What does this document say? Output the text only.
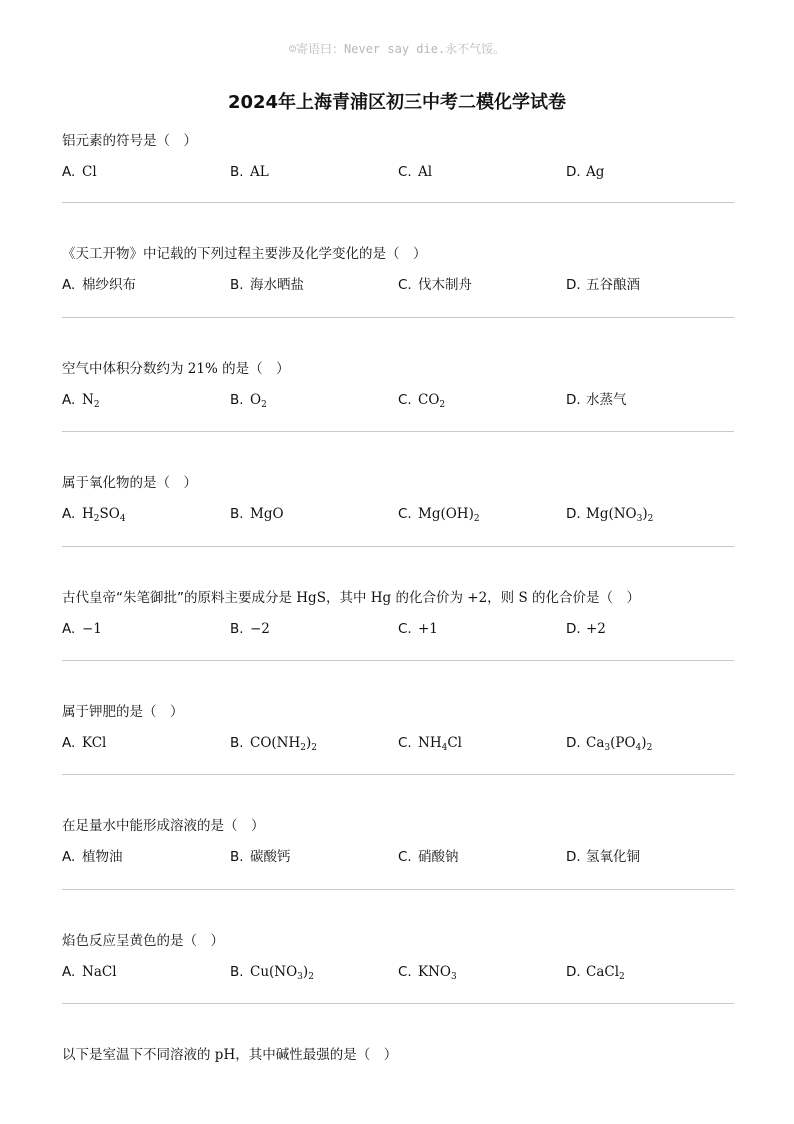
☺寄语曰：Never say die.永不气馁。
2024年上海青浦区初三中考二模化学试卷
铝元素的符号是（　）
A. Cl	B. AL	C. Al	D. Ag
《天工开物》中记载的下列过程主要涉及化学变化的是（　）
A. 棉纱织布	B. 海水晒盐	C. 伐木制舟	D. 五谷酿酒
空气中体积分数约为 21% 的是（　）
A. $N_2$	B. $O_2$	C. $CO_2$	D. 水蒸气
属于氧化物的是（　）
A. $H_2SO_4$	B. MgO	C. $Mg(OH)_2$	D. $Mg(NO_3)_2$
古代皇帝“朱笔御批”的原料主要成分是 HgS，其中 Hg 的化合价为 +2，则 S 的化合价是（　）
A. −1	B. −2	C. +1	D. +2
属于钾肥的是（　）
A. KCl	B. $CO(NH_2)_2$	C. $NH_4Cl$	D. $Ca_3(PO_4)_2$
在足量水中能形成溶液的是（　）
A. 植物油	B. 碳酸钙	C. 硝酸钠	D. 氢氧化铜
焰色反应呈黄色的是（　）
A. NaCl	B. $Cu(NO_3)_2$	C. $KNO_3$	D. CaCl$_2$
以下是室温下不同溶液的 pH，其中碱性最强的是（　）
